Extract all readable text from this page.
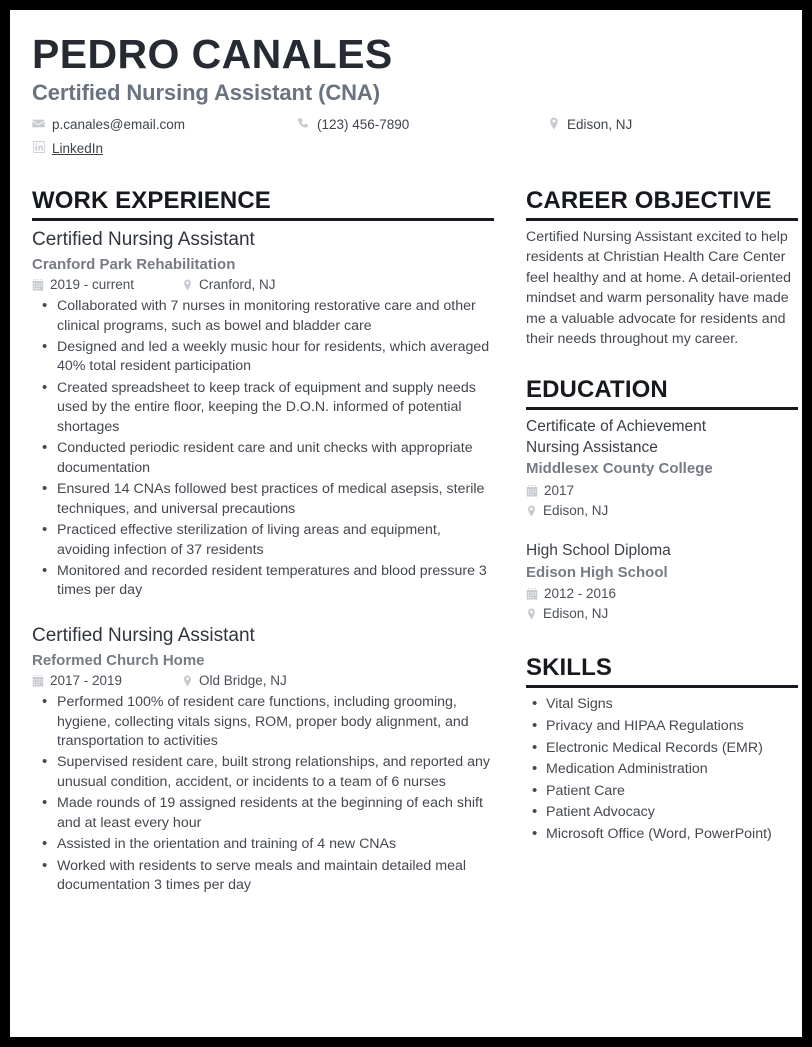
PEDRO CANALES
Certified Nursing Assistant (CNA)
p.canales@email.com	(123) 456-7890	Edison, NJ
LinkedIn
WORK EXPERIENCE
Certified Nursing Assistant
Cranford Park Rehabilitation
2019 - current	Cranford, NJ
• Collaborated with 7 nurses in monitoring restorative care and other clinical programs, such as bowel and bladder care
• Designed and led a weekly music hour for residents, which averaged 40% total resident participation
• Created spreadsheet to keep track of equipment and supply needs used by the entire floor, keeping the D.O.N. informed of potential shortages
• Conducted periodic resident care and unit checks with appropriate documentation
• Ensured 14 CNAs followed best practices of medical asepsis, sterile techniques, and universal precautions
• Practiced effective sterilization of living areas and equipment, avoiding infection of 37 residents
• Monitored and recorded resident temperatures and blood pressure 3 times per day
Certified Nursing Assistant
Reformed Church Home
2017 - 2019	Old Bridge, NJ
• Performed 100% of resident care functions, including grooming, hygiene, collecting vitals signs, ROM, proper body alignment, and transportation to activities
• Supervised resident care, built strong relationships, and reported any unusual condition, accident, or incidents to a team of 6 nurses
• Made rounds of 19 assigned residents at the beginning of each shift and at least every hour
• Assisted in the orientation and training of 4 new CNAs
• Worked with residents to serve meals and maintain detailed meal documentation 3 times per day
CAREER OBJECTIVE
Certified Nursing Assistant excited to help residents at Christian Health Care Center feel healthy and at home. A detail-oriented mindset and warm personality have made me a valuable advocate for residents and their needs throughout my career.
EDUCATION
Certificate of Achievement
Nursing Assistance
Middlesex County College
2017
Edison, NJ
High School Diploma
Edison High School
2012 - 2016
Edison, NJ
SKILLS
• Vital Signs
• Privacy and HIPAA Regulations
• Electronic Medical Records (EMR)
• Medication Administration
• Patient Care
• Patient Advocacy
• Microsoft Office (Word, PowerPoint)
